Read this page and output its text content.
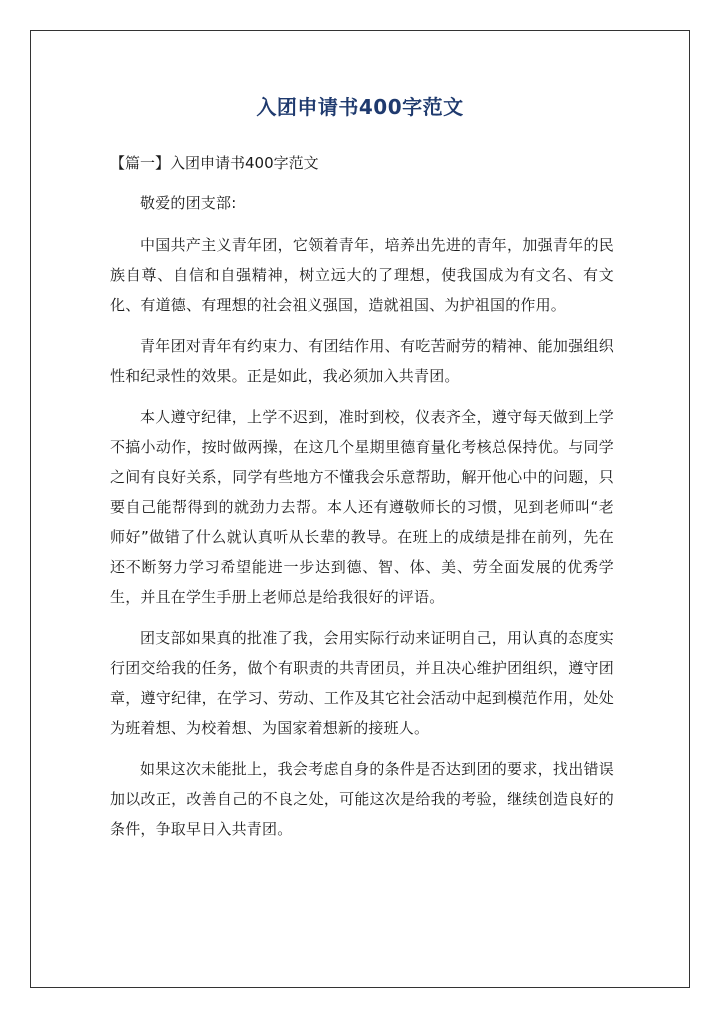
入团申请书400字范文
【篇一】入团申请书400字范文

敬爱的团支部:

中国共产主义青年团，它领着青年，培养出先进的青年，加强青年的民族自尊、自信和自强精神，树立远大的了理想，使我国成为有文名、有文化、有道德、有理想的社会祖义强国，造就祖国、为护祖国的作用。

青年团对青年有约束力、有团结作用、有吃苦耐劳的精神、能加强组织性和纪录性的效果。正是如此，我必须加入共青团。

本人遵守纪律，上学不迟到，准时到校，仪表齐全，遵守每天做到上学不搞小动作，按时做两操，在这几个星期里德育量化考核总保持优。与同学之间有良好关系，同学有些地方不懂我会乐意帮助，解开他心中的问题，只要自己能帮得到的就劲力去帮。本人还有遵敬师长的习惯，见到老师叫“老师好”做错了什么就认真听从长辈的教导。在班上的成绩是排在前列，先在还不断努力学习希望能进一步达到德、智、体、美、劳全面发展的优秀学生，并且在学生手册上老师总是给我很好的评语。

团支部如果真的批准了我，会用实际行动来证明自己，用认真的态度实行团交给我的任务，做个有职责的共青团员，并且决心维护团组织，遵守团章，遵守纪律，在学习、劳动、工作及其它社会活动中起到模范作用，处处为班着想、为校着想、为国家着想新的接班人。

如果这次未能批上，我会考虑自身的条件是否达到团的要求，找出错误加以改正，改善自己的不良之处，可能这次是给我的考验，继续创造良好的条件，争取早日入共青团。
